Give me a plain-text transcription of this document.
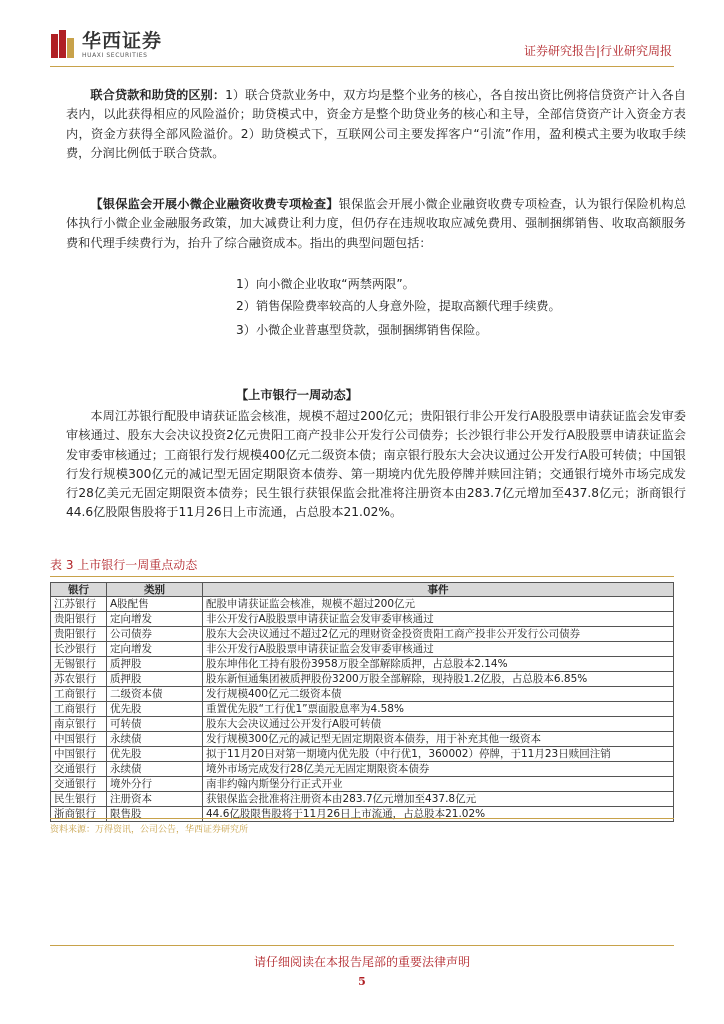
华西证券
HUAXI SECURITIES	证券研究报告|行业研究周报
联合贷款和助贷的区别：1）联合贷款业务中，双方均是整个业务的核心，各自按出资比例将信贷资产计入各自表内，以此获得相应的风险溢价；助贷模式中，资金方是整个助贷业务的核心和主导，全部信贷资产计入资金方表内，资金方获得全部风险溢价。2）助贷模式下，互联网公司主要发挥客户“引流”作用，盈利模式主要为收取手续费，分润比例低于联合贷款。
【银保监会开展小微企业融资收费专项检查】银保监会开展小微企业融资收费专项检查，认为银行保险机构总体执行小微企业金融服务政策，加大减费让利力度，但仍存在违规收取应减免费用、强制捆绑销售、收取高额服务费和代理手续费行为，抬升了综合融资成本。指出的典型问题包括：
1）向小微企业收取“两禁两限”。
2）销售保险费率较高的人身意外险，提取高额代理手续费。
3）小微企业普惠型贷款，强制捆绑销售保险。
【上市银行一周动态】
本周江苏银行配股申请获证监会核准，规模不超过200亿元；贵阳银行非公开发行A股股票申请获证监会发审委审核通过、股东大会决议投资2亿元贵阳工商产投非公开发行公司债券；长沙银行非公开发行A股股票申请获证监会发审委审核通过；工商银行发行规模400亿元二级资本债；南京银行股东大会决议通过公开发行A股可转债；中国银行发行规模300亿元的减记型无固定期限资本债券、第一期境内优先股停牌并赎回注销；交通银行境外市场完成发行28亿美元无固定期限资本债券；民生银行获银保监会批准将注册资本由283.7亿元增加至437.8亿元；浙商银行44.6亿股限售股将于11月26日上市流通，占总股本21.02%。
表 3 上市银行一周重点动态
银行	类别	事件
江苏银行	A股配售	配股申请获证监会核准，规模不超过200亿元
贵阳银行	定向增发	非公开发行A股股票申请获证监会发审委审核通过
贵阳银行	公司债券	股东大会决议通过不超过2亿元的理财资金投资贵阳工商产投非公开发行公司债券
长沙银行	定向增发	非公开发行A股股票申请获证监会发审委审核通过
无锡银行	质押股	股东坤伟化工持有股份3958万股全部解除质押，占总股本2.14%
苏农银行	质押股	股东新恒通集团被质押股份3200万股全部解除，现持股1.2亿股，占总股本6.85%
工商银行	二级资本债	发行规模400亿元二级资本债
工商银行	优先股	重置优先股“工行优1”票面股息率为4.58%
南京银行	可转债	股东大会决议通过公开发行A股可转债
中国银行	永续债	发行规模300亿元的减记型无固定期限资本债券，用于补充其他一级资本
中国银行	优先股	拟于11月20日对第一期境内优先股（中行优1，360002）停牌，于11月23日赎回注销
交通银行	永续债	境外市场完成发行28亿美元无固定期限资本债券
交通银行	境外分行	南非约翰内斯堡分行正式开业
民生银行	注册资本	获银保监会批准将注册资本由283.7亿元增加至437.8亿元
浙商银行	限售股	44.6亿股限售股将于11月26日上市流通，占总股本21.02%
资料来源：万得资讯，公司公告，华西证券研究所
请仔细阅读在本报告尾部的重要法律声明
5
